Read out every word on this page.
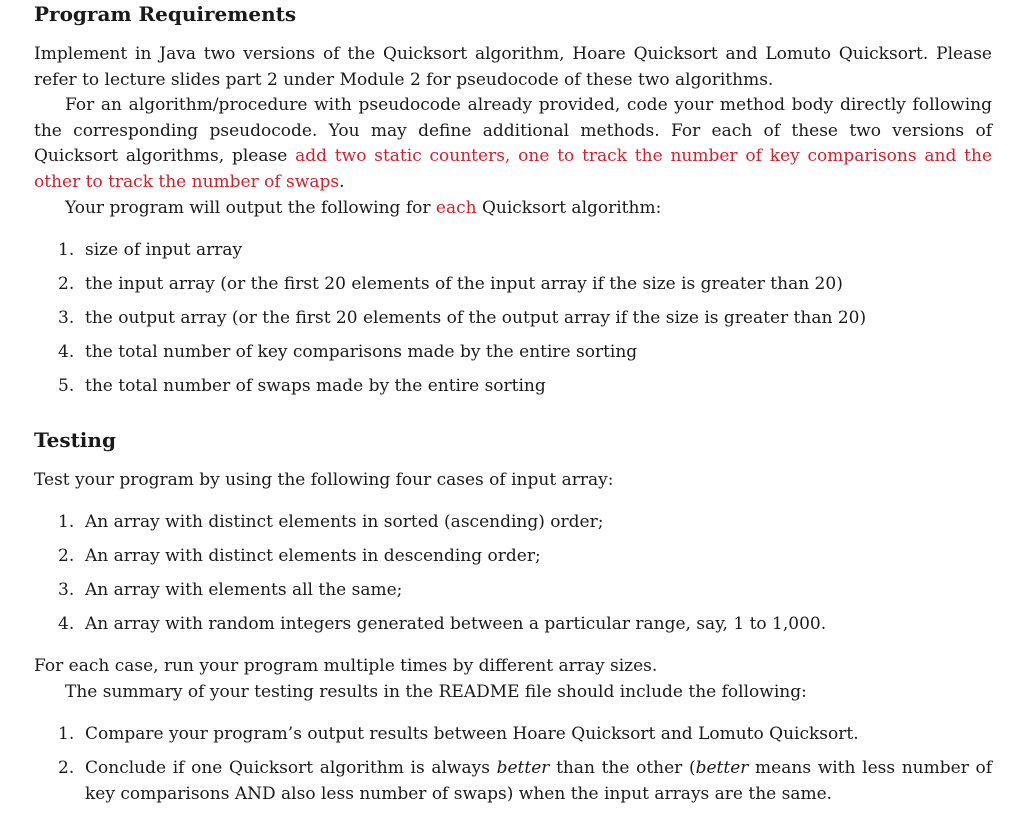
Program Requirements

Implement in Java two versions of the Quicksort algorithm, Hoare Quicksort and Lomuto Quicksort. Please refer to lecture slides part 2 under Module 2 for pseudocode of these two algorithms.

For an algorithm/procedure with pseudocode already provided, code your method body directly following the corresponding pseudocode. You may define additional methods. For each of these two versions of Quicksort algorithms, please add two static counters, one to track the number of key comparisons and the other to track the number of swaps.

Your program will output the following for each Quicksort algorithm:

1. size of input array
2. the input array (or the first 20 elements of the input array if the size is greater than 20)
3. the output array (or the first 20 elements of the output array if the size is greater than 20)
4. the total number of key comparisons made by the entire sorting
5. the total number of swaps made by the entire sorting
Testing

Test your program by using the following four cases of input array:

1. An array with distinct elements in sorted (ascending) order;
2. An array with distinct elements in descending order;
3. An array with elements all the same;
4. An array with random integers generated between a particular range, say, 1 to 1,000.

For each case, run your program multiple times by different array sizes.

The summary of your testing results in the README file should include the following:

1. Compare your program’s output results between Hoare Quicksort and Lomuto Quicksort.
2. Conclude if one Quicksort algorithm is always better than the other (better means with less number of key comparisons AND also less number of swaps) when the input arrays are the same.
